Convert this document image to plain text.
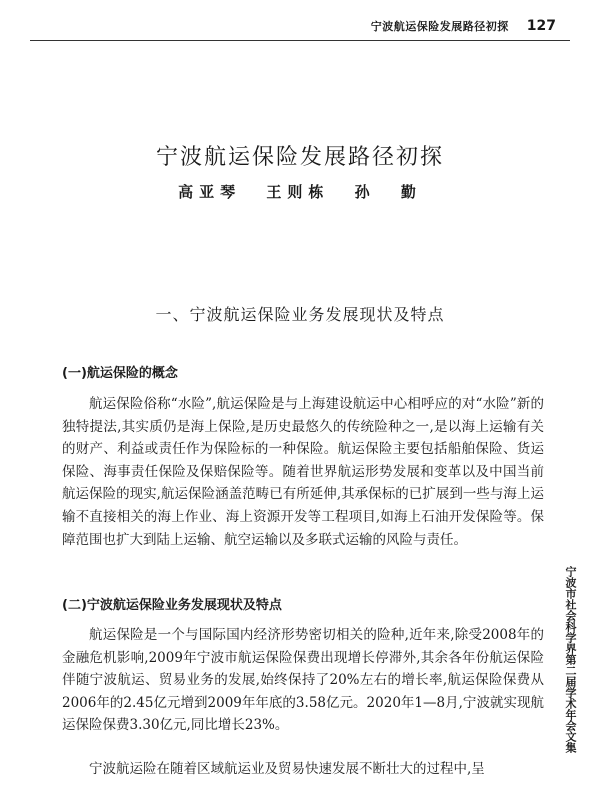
宁波航运保险发展路径初探 127
宁波航运保险发展路径初探
高亚琴 王则栋 孙 勤
一、宁波航运保险业务发展现状及特点
(一)航运保险的概念

航运保险俗称“水险”,航运保险是与上海建设航运中心相呼应的对“水险”新的独特提法,其实质仍是海上保险,是历史最悠久的传统险种之一,是以海上运输有关的财产、利益或责任作为保险标的一种保险。航运保险主要包括船舶保险、货运保险、海事责任保险及保赔保险等。随着世界航运形势发展和变革以及中国当前航运保险的现实,航运保险涵盖范畴已有所延伸,其承保标的已扩展到一些与海上运输不直接相关的海上作业、海上资源开发等工程项目,如海上石油开发保险等。保障范围也扩大到陆上运输、航空运输以及多联式运输的风险与责任。

(二)宁波航运保险业务发展现状及特点

航运保险是一个与国际国内经济形势密切相关的险种,近年来,除受2008年的金融危机影响,2009年宁波市航运保险保费出现增长停滞外,其余各年份航运保险伴随宁波航运、贸易业务的发展,始终保持了20%左右的增长率,航运保险保费从2006年的2.45亿元增到2009年年底的3.58亿元。2020年1—8月,宁波就实现航运保险保费3.30亿元,同比增长23%。

宁波航运险在随着区域航运业及贸易快速发展不断壮大的过程中,呈

宁波市社会科学界第二届学术年会文集
